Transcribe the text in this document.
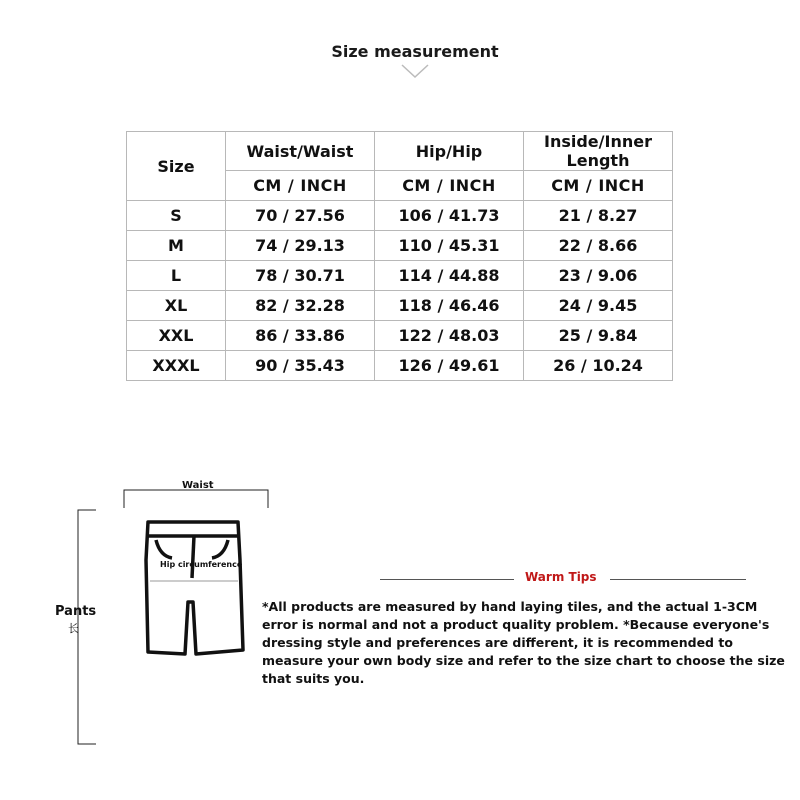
Size measurement
Size	Waist/Waist	Hip/Hip	Inside/Inner Length
	CM / INCH	CM / INCH	CM / INCH
S	70 / 27.56	106 / 41.73	21 / 8.27
M	74 / 29.13	110 / 45.31	22 / 8.66
L	78 / 30.71	114 / 44.88	23 / 9.06
XL	82 / 32.28	118 / 46.46	24 / 9.45
XXL	86 / 33.86	122 / 48.03	25 / 9.84
XXXL	90 / 35.43	126 / 49.61	26 / 10.24
Waist
Hip circumference
Pants
长
Warm Tips
*All products are measured by hand laying tiles, and the actual 1-3CM error is normal and not a product quality problem. *Because everyone's dressing style and preferences are different, it is recommended to measure your own body size and refer to the size chart to choose the size that suits you.
